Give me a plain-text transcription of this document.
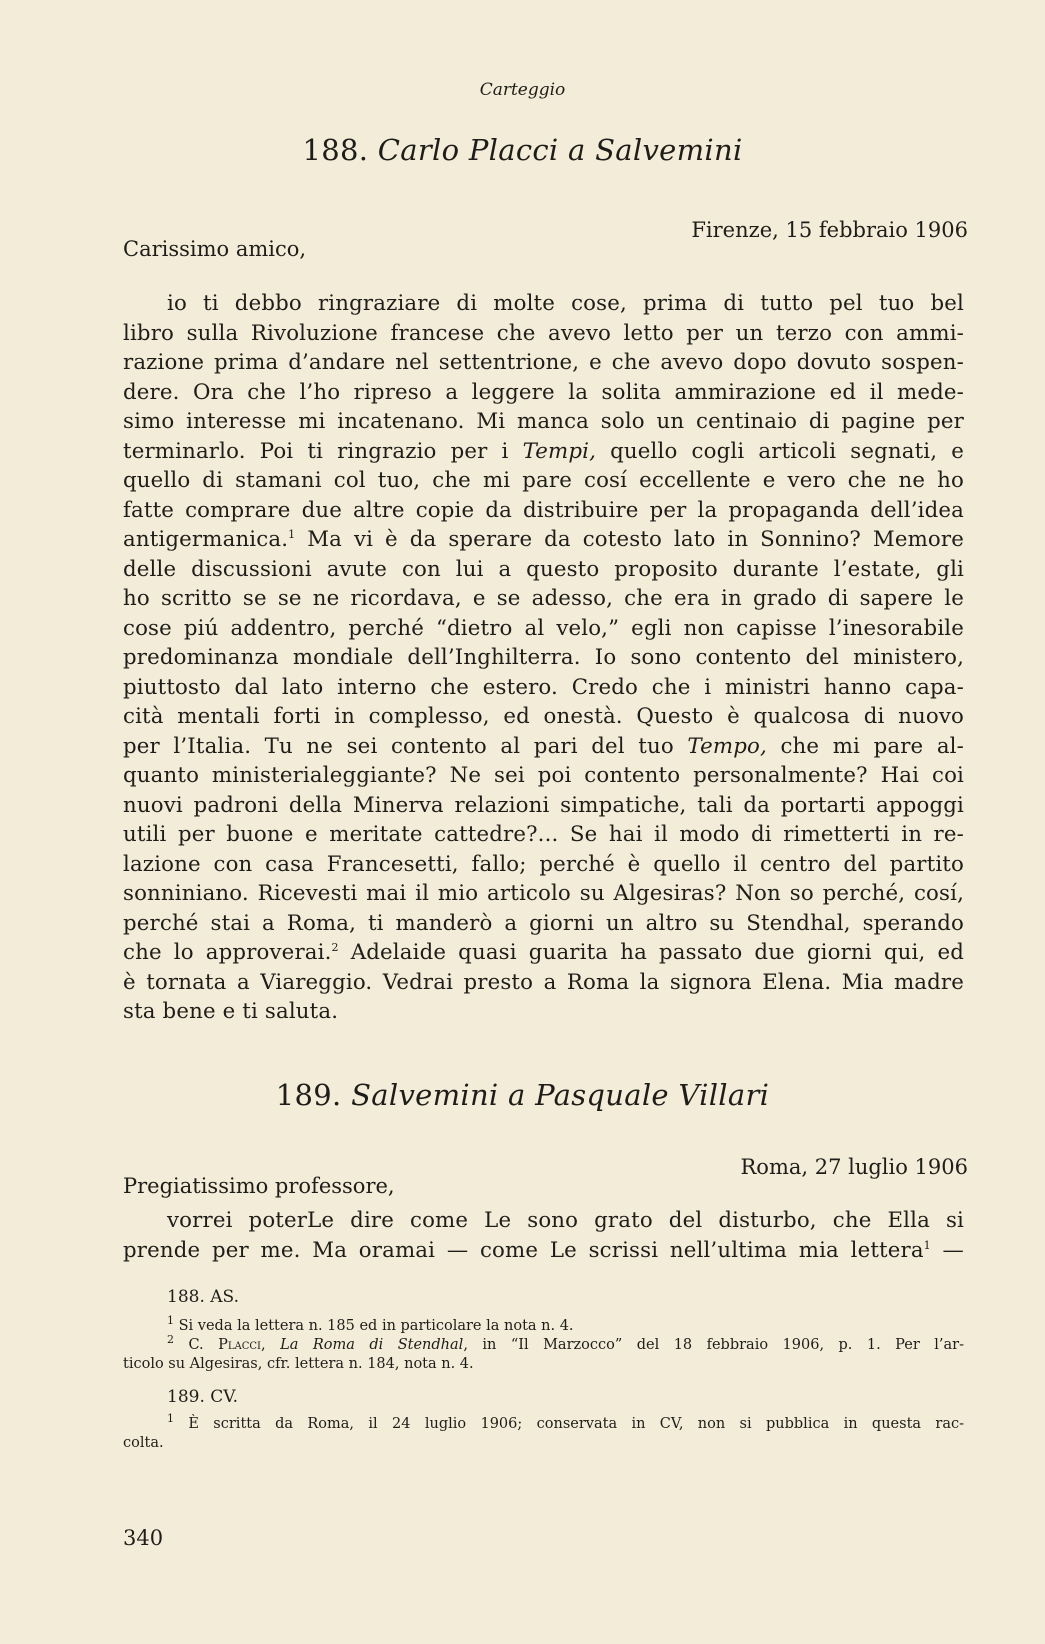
Carteggio
188. Carlo Placci a Salvemini
Firenze, 15 febbraio 1906
Carissimo amico,
io ti debbo ringraziare di molte cose, prima di tutto pel tuo bel
libro sulla Rivoluzione francese che avevo letto per un terzo con ammi-
razione prima d’andare nel settentrione, e che avevo dopo dovuto sospen-
dere. Ora che l’ho ripreso a leggere la solita ammirazione ed il mede-
simo interesse mi incatenano. Mi manca solo un centinaio di pagine per
terminarlo. Poi ti ringrazio per i Tempi, quello cogli articoli segnati, e
quello di stamani col tuo, che mi pare cosí eccellente e vero che ne ho
fatte comprare due altre copie da distribuire per la propaganda dell’idea
antigermanica.$^1$ Ma vi è da sperare da cotesto lato in Sonnino? Memore
delle discussioni avute con lui a questo proposito durante l’estate, gli
ho scritto se se ne ricordava, e se adesso, che era in grado di sapere le
cose piú addentro, perché “dietro al velo,” egli non capisse l’inesorabile
predominanza mondiale dell’Inghilterra. Io sono contento del ministero,
piuttosto dal lato interno che estero. Credo che i ministri hanno capa-
cità mentali forti in complesso, ed onestà. Questo è qualcosa di nuovo
per l’Italia. Tu ne sei contento al pari del tuo Tempo, che mi pare al-
quanto ministerialeggiante? Ne sei poi contento personalmente? Hai coi
nuovi padroni della Minerva relazioni simpatiche, tali da portarti appoggi
utili per buone e meritate cattedre?... Se hai il modo di rimetterti in re-
lazione con casa Francesetti, fallo; perché è quello il centro del partito
sonniniano. Ricevesti mai il mio articolo su Algesiras? Non so perché, cosí,
perché stai a Roma, ti manderò a giorni un altro su Stendhal, sperando
che lo approverai.$^2$ Adelaide quasi guarita ha passato due giorni qui, ed
è tornata a Viareggio. Vedrai presto a Roma la signora Elena. Mia madre
sta bene e ti saluta.
189. Salvemini a Pasquale Villari
Roma, 27 luglio 1906
Pregiatissimo professore,
vorrei poterLe dire come Le sono grato del disturbo, che Ella si
prende per me. Ma oramai — come Le scrissi nell’ultima mia lettera$^1$ —
188. AS.
$^1$ Si veda la lettera n. 185 ed in particolare la nota n. 4.
$^2$ C. Placci, La Roma di Stendhal, in “Il Marzocco” del 18 febbraio 1906, p. 1. Per l’ar-
ticolo su Algesiras, cfr. lettera n. 184, nota n. 4.
189. CV.
$^1$ È scritta da Roma, il 24 luglio 1906; conservata in CV, non si pubblica in questa rac-
colta.
340
